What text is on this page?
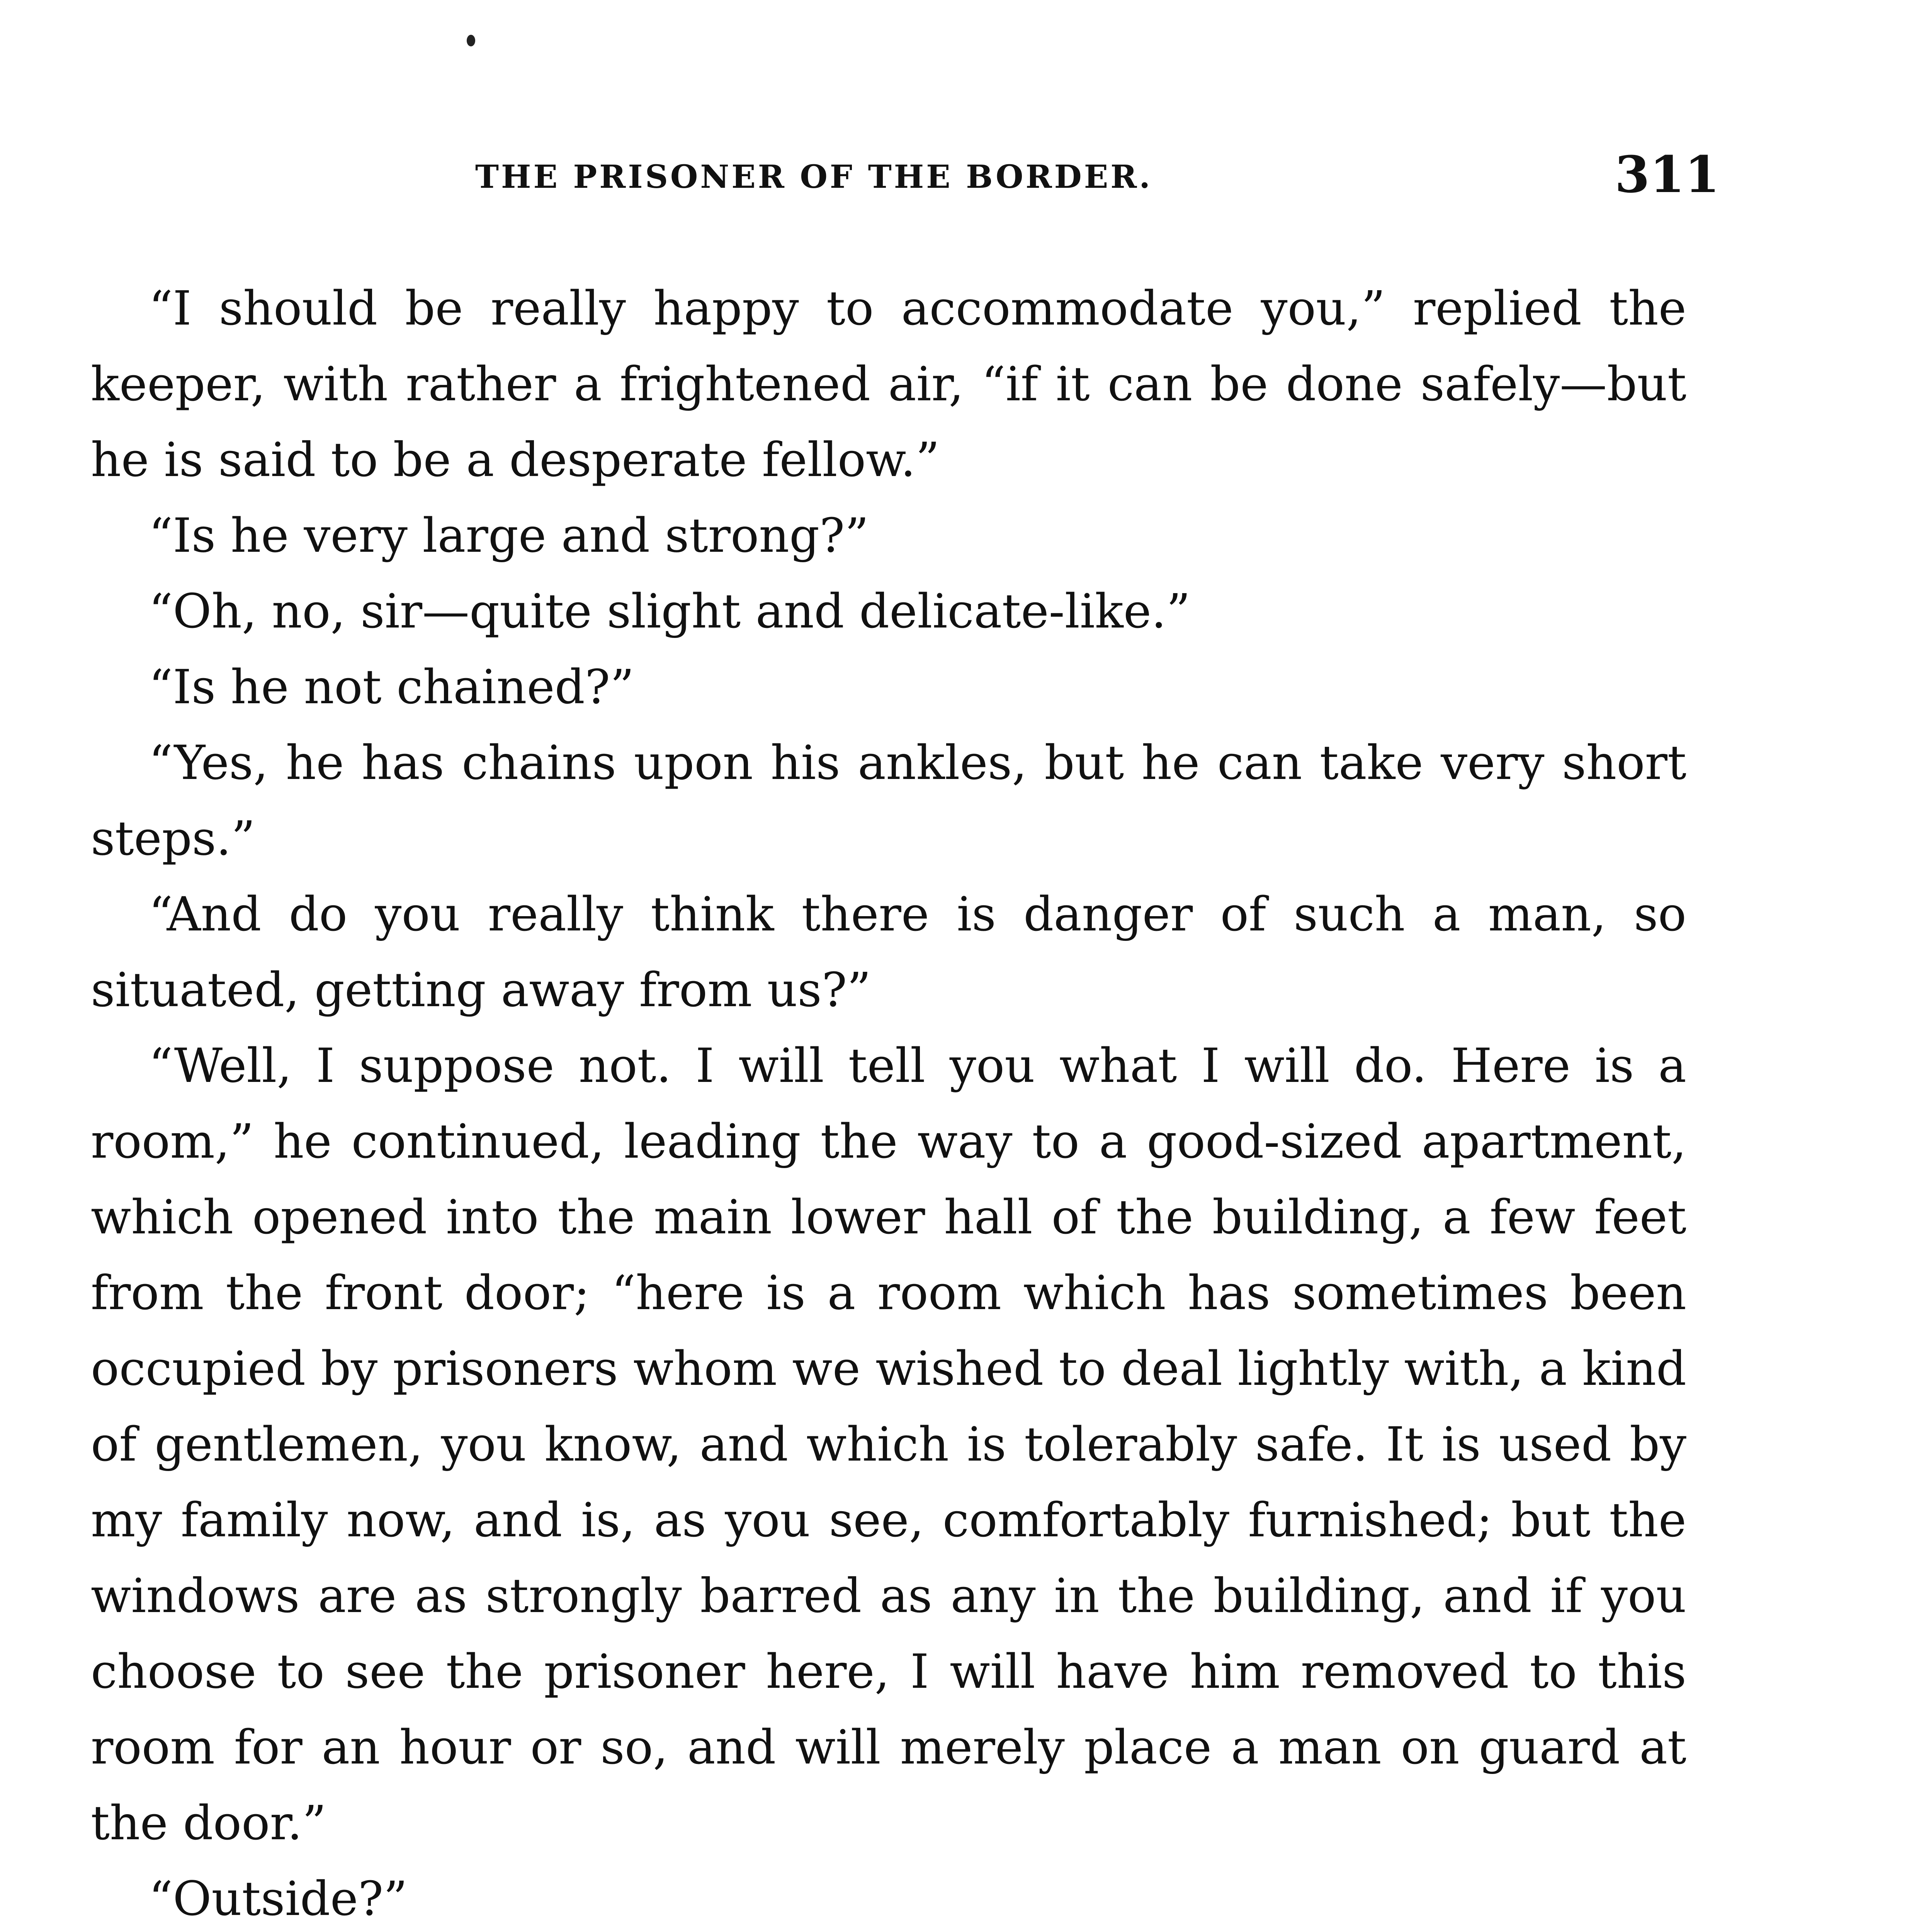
THE PRISONER OF THE BORDER.	311

“I should be really happy to accommodate you,” replied the keeper, with rather a frightened air, “if it can be done safely—but he is said to be a desperate fellow.”

“Is he very large and strong?”

“Oh, no, sir—quite slight and delicate-like.”

“Is he not chained?”

“Yes, he has chains upon his ankles, but he can take very short steps.”

“And do you really think there is danger of such a man, so situated, getting away from us?”

“Well, I suppose not. I will tell you what I will do. Here is a room,” he continued, leading the way to a good-sized apartment, which opened into the main lower hall of the building, a few feet from the front door; “here is a room which has sometimes been occupied by prisoners whom we wished to deal lightly with, a kind of gentlemen, you know, and which is tolerably safe. It is used by my family now, and is, as you see, comfortably furnished; but the windows are as strongly barred as any in the building, and if you choose to see the prisoner here, I will have him removed to this room for an hour or so, and will merely place a man on guard at the door.”

“Outside?”
